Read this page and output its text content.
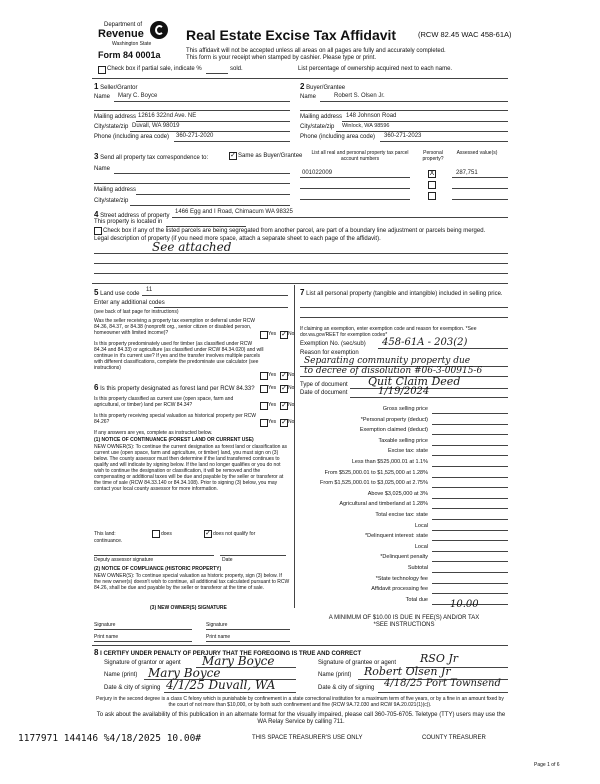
Department of
Revenue
Washington State
Form 84 0001a
Real Estate Excise Tax Affidavit	(RCW 82.45 WAC 458-61A)
This affidavit will not be accepted unless all areas on all pages are fully and accurately completed.
This form is your receipt when stamped by cashier. Please type or print.
Check box if partial sale, indicate %	sold.	List percentage of ownership acquired next to each name.
1 Seller/Grantor
Name Mary C. Boyce
Mailing address 12616 322nd Ave. NE
City/state/zip Duvall, WA 98019
Phone (including area code) 360-271-2020
2 Buyer/Grantee
Name	Robert S. Olsen Jr.
Mailing address 148 Johnson Road
City/state/zip Winlock, WA 98596
Phone (including area code) 360-271-2023
3 Send all property tax correspondence to:	✓ Same as Buyer/Grantee
Name
Mailing address
City/state/zip
List all real and personal property tax parcel account numbers
Personal property?
Assessed value(s)
001022009	X	287,751
4 Street address of property
1466 Egg and I Road, Chimacum WA 98325
This property is located in
Check box if any of the listed parcels are being segregated from another parcel, are part of a boundary line adjustment or parcels being merged.
Legal description of property (if you need more space, attach a separate sheet to each page of the affidavit).
See attached
5 Land use code
11
Enter any additional codes
(see back of last page for instructions)
Was the seller receiving a property tax exemption or deferral under RCW 84.36, 84.37, or 84.38 (nonprofit org., senior citizen or disabled person, homeowner with limited income)?	Yes ✓ No
Is this property predominately used for timber (as classified under RCW 84.34 and 84.33) or agriculture (as classified under RCW 84.34.020) and will continue in it's current use? If yes and the transfer involves multiple parcels with different classifications, complete the predominate use calculator (see instructions)
Yes ✓ No
6 Is this property designated as forest land per RCW 84.33?	Yes ✓ No
Is this property classified as current use (open space, farm and agricultural, or timber) land per RCW 84.34?	Yes ✓ No
Is this property receiving special valuation as historical property per RCW 84.26?	Yes ✓ No
If any answers are yes, complete as instructed below.
(1) NOTICE OF CONTINUANCE (FOREST LAND OR CURRENT USE)
NEW OWNER(S): To continue the current designation as forest land or classification as current use (open space, farm and agriculture, or timber) land, you must sign on (3) below. The county assessor must then determine if the land transferred continues to qualify and will indicate by signing below. If the land no longer qualifies or you do not wish to continue the designation or classification, it will be removed and the compensating or additional taxes will be due and payable by the seller or transferor at the time of sale (RCW 84.33.140 or 84.34.108). Prior to signing (3) below, you may contact your local county assessor for more information.
This land:	does	✓ does not qualify for
continuance.
Deputy assessor signature	Date
(2) NOTICE OF COMPLIANCE (HISTORIC PROPERTY)
NEW OWNER(S): To continue special valuation as historic property, sign (3) below. If the new owner(s) doesn't wish to continue, all additional tax calculated pursuant to RCW 84.26, shall be due and payable by the seller or transferor at the time of sale.
(3) NEW OWNER(S) SIGNATURE
Signature	Signature
Print name	Print name
7 List all personal property (tangible and intangible) included in selling price.
If claiming an exemption, enter exemption code and reason for exemption. *See dor.wa.gov/REET for exemption codes*
Exemption No. (sec/sub) 458-61A - 203(2)
Reason for exemption
Separating community property due
to decree of dissolution #06-3-00915-6
Type of document Quit Claim Deed
Date of document	1/19/2024
Gross selling price
*Personal property (deduct)
Exemption claimed (deduct)
Taxable selling price
Excise tax: state
Less than $525,000.01 at 1.1%
From $525,000.01 to $1,525,000 at 1.28%
From $1,525,000.01 to $3,025,000 at 2.75%
Above $3,025,000 at 3%
Agricultural and timberland at 1.28%
Total excise tax: state
Local
*Delinquent interest: state
Local
*Delinquent penalty
Subtotal
*State technology fee
Affidavit processing fee
Total due 10.00
A MINIMUM OF $10.00 IS DUE IN FEE(S) AND/OR TAX
*SEE INSTRUCTIONS
8 I CERTIFY UNDER PENALTY OF PERJURY THAT THE FOREGOING IS TRUE AND CORRECT
Signature of grantor or agent Mary Boyce
Name (print) Mary Boyce
Date & city of signing 4/1/25 Duvall, WA
Signature of grantee or agent RSO Jr
Name (print) Robert Olsen Jr
Date & city of signing 4/18/25 Port Townsend
Perjury in the second degree is a class C felony which is punishable by confinement in a state correctional institution for a maximum term of five years, or by a fine in an amount fixed by the court of not more than $10,000, or by both such confinement and fine (RCW 9A.72.030 and RCW 9A.20.021(1)(c)).
To ask about the availability of this publication in an alternate format for the visually impaired, please call 360-705-6705. Teletype (TTY) users may use the WA Relay Service by calling 711.
1177971 144146 %4/18/2025 10.00#	THIS SPACE TREASURER'S USE ONLY	COUNTY TREASURER
Page 1 of 6
